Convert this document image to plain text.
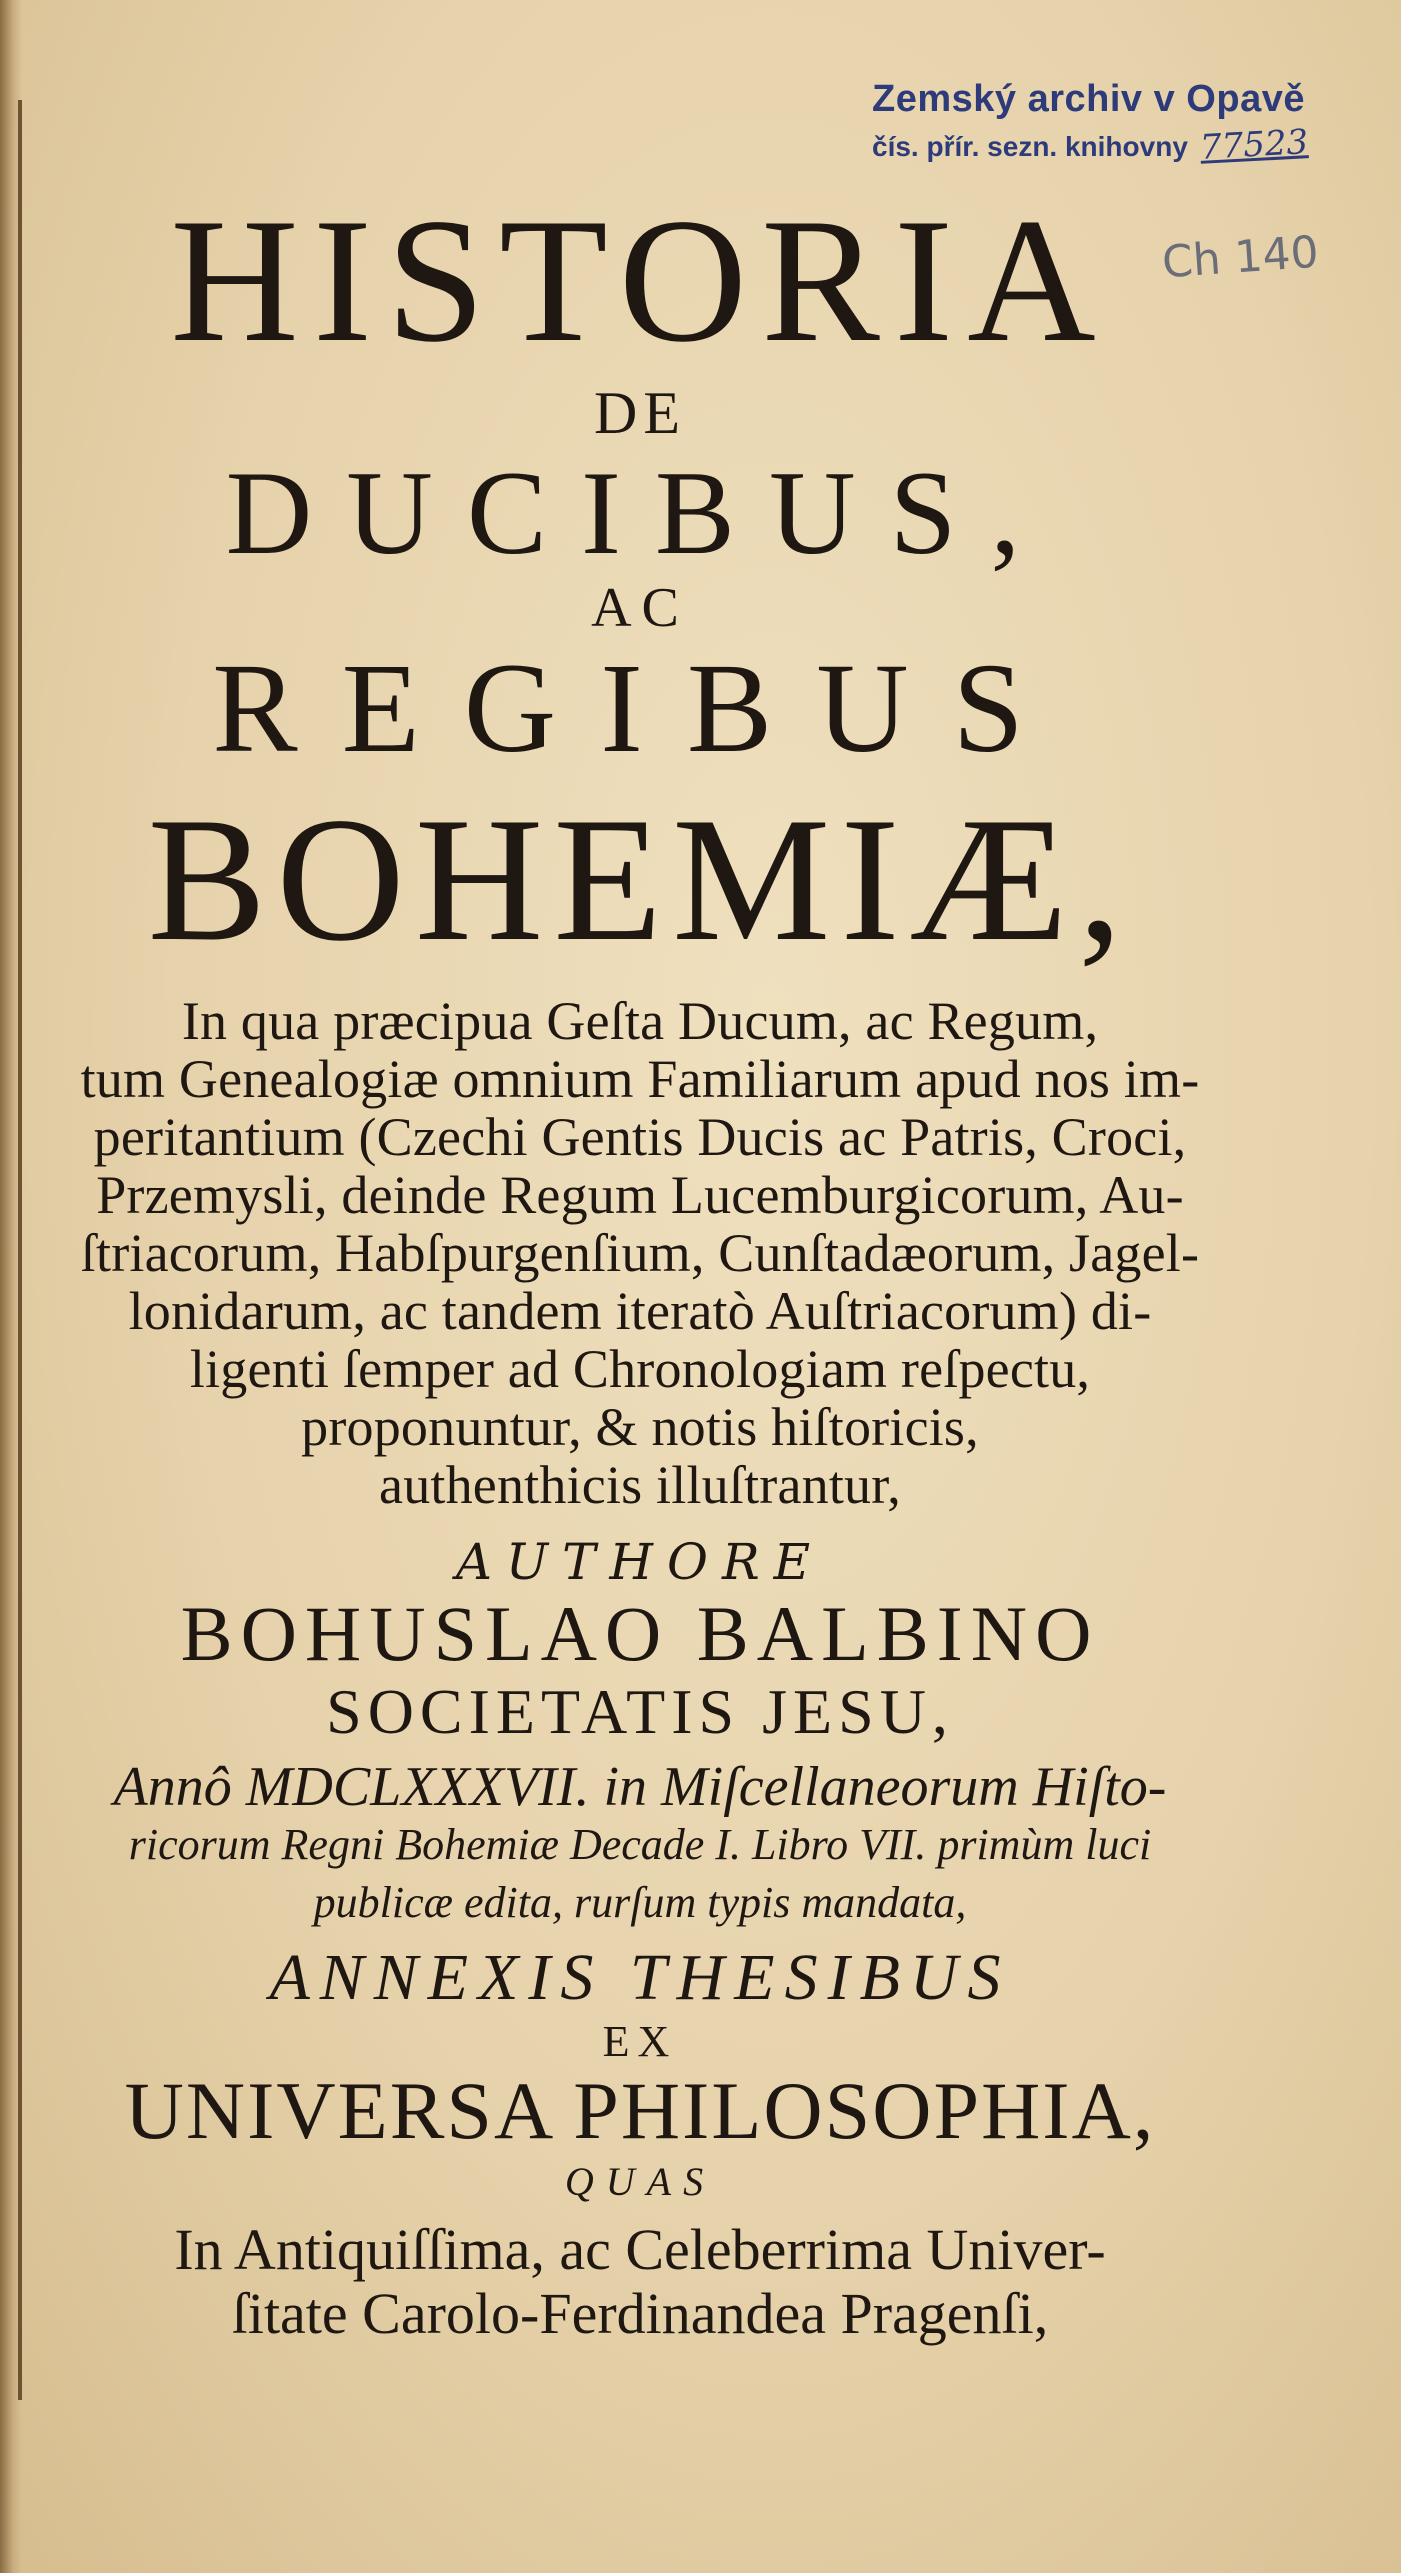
Zemský archiv v Opavě
čís. přír. sezn. knihovny 77523
Ch 140
HISTORIA
DE
DUCIBUS,
AC
REGIBUS
BOHEMIÆ,
In qua præcipua Geſta Ducum, ac Regum,
tum Genealogiæ omnium Familiarum apud nos im-
peritantium (Czechi Gentis Ducis ac Patris, Croci,
Przemysli, deinde Regum Lucemburgicorum, Au-
ſtriacorum, Habſpurgenſium, Cunſtadæorum, Jagel-
lonidarum, ac tandem iteratò Auſtriacorum) di-
ligenti ſemper ad Chronologiam reſpectu,
proponuntur, & notis hiſtoricis,
authenthicis illuſtrantur,
AUTHORE
BOHUSLAO BALBINO
SOCIETATIS JESU,
Annô MDCLXXXVII. in Miſcellaneorum Hiſto-
ricorum Regni Bohemiæ Decade I. Libro VII. primùm luci
publicæ edita, rurſum typis mandata,
ANNEXIS THESIBUS
EX
UNIVERSA PHILOSOPHIA,
QUAS
In Antiquiſſima, ac Celeberrima Univer-
ſitate Carolo-Ferdinandea Pragenſi,
